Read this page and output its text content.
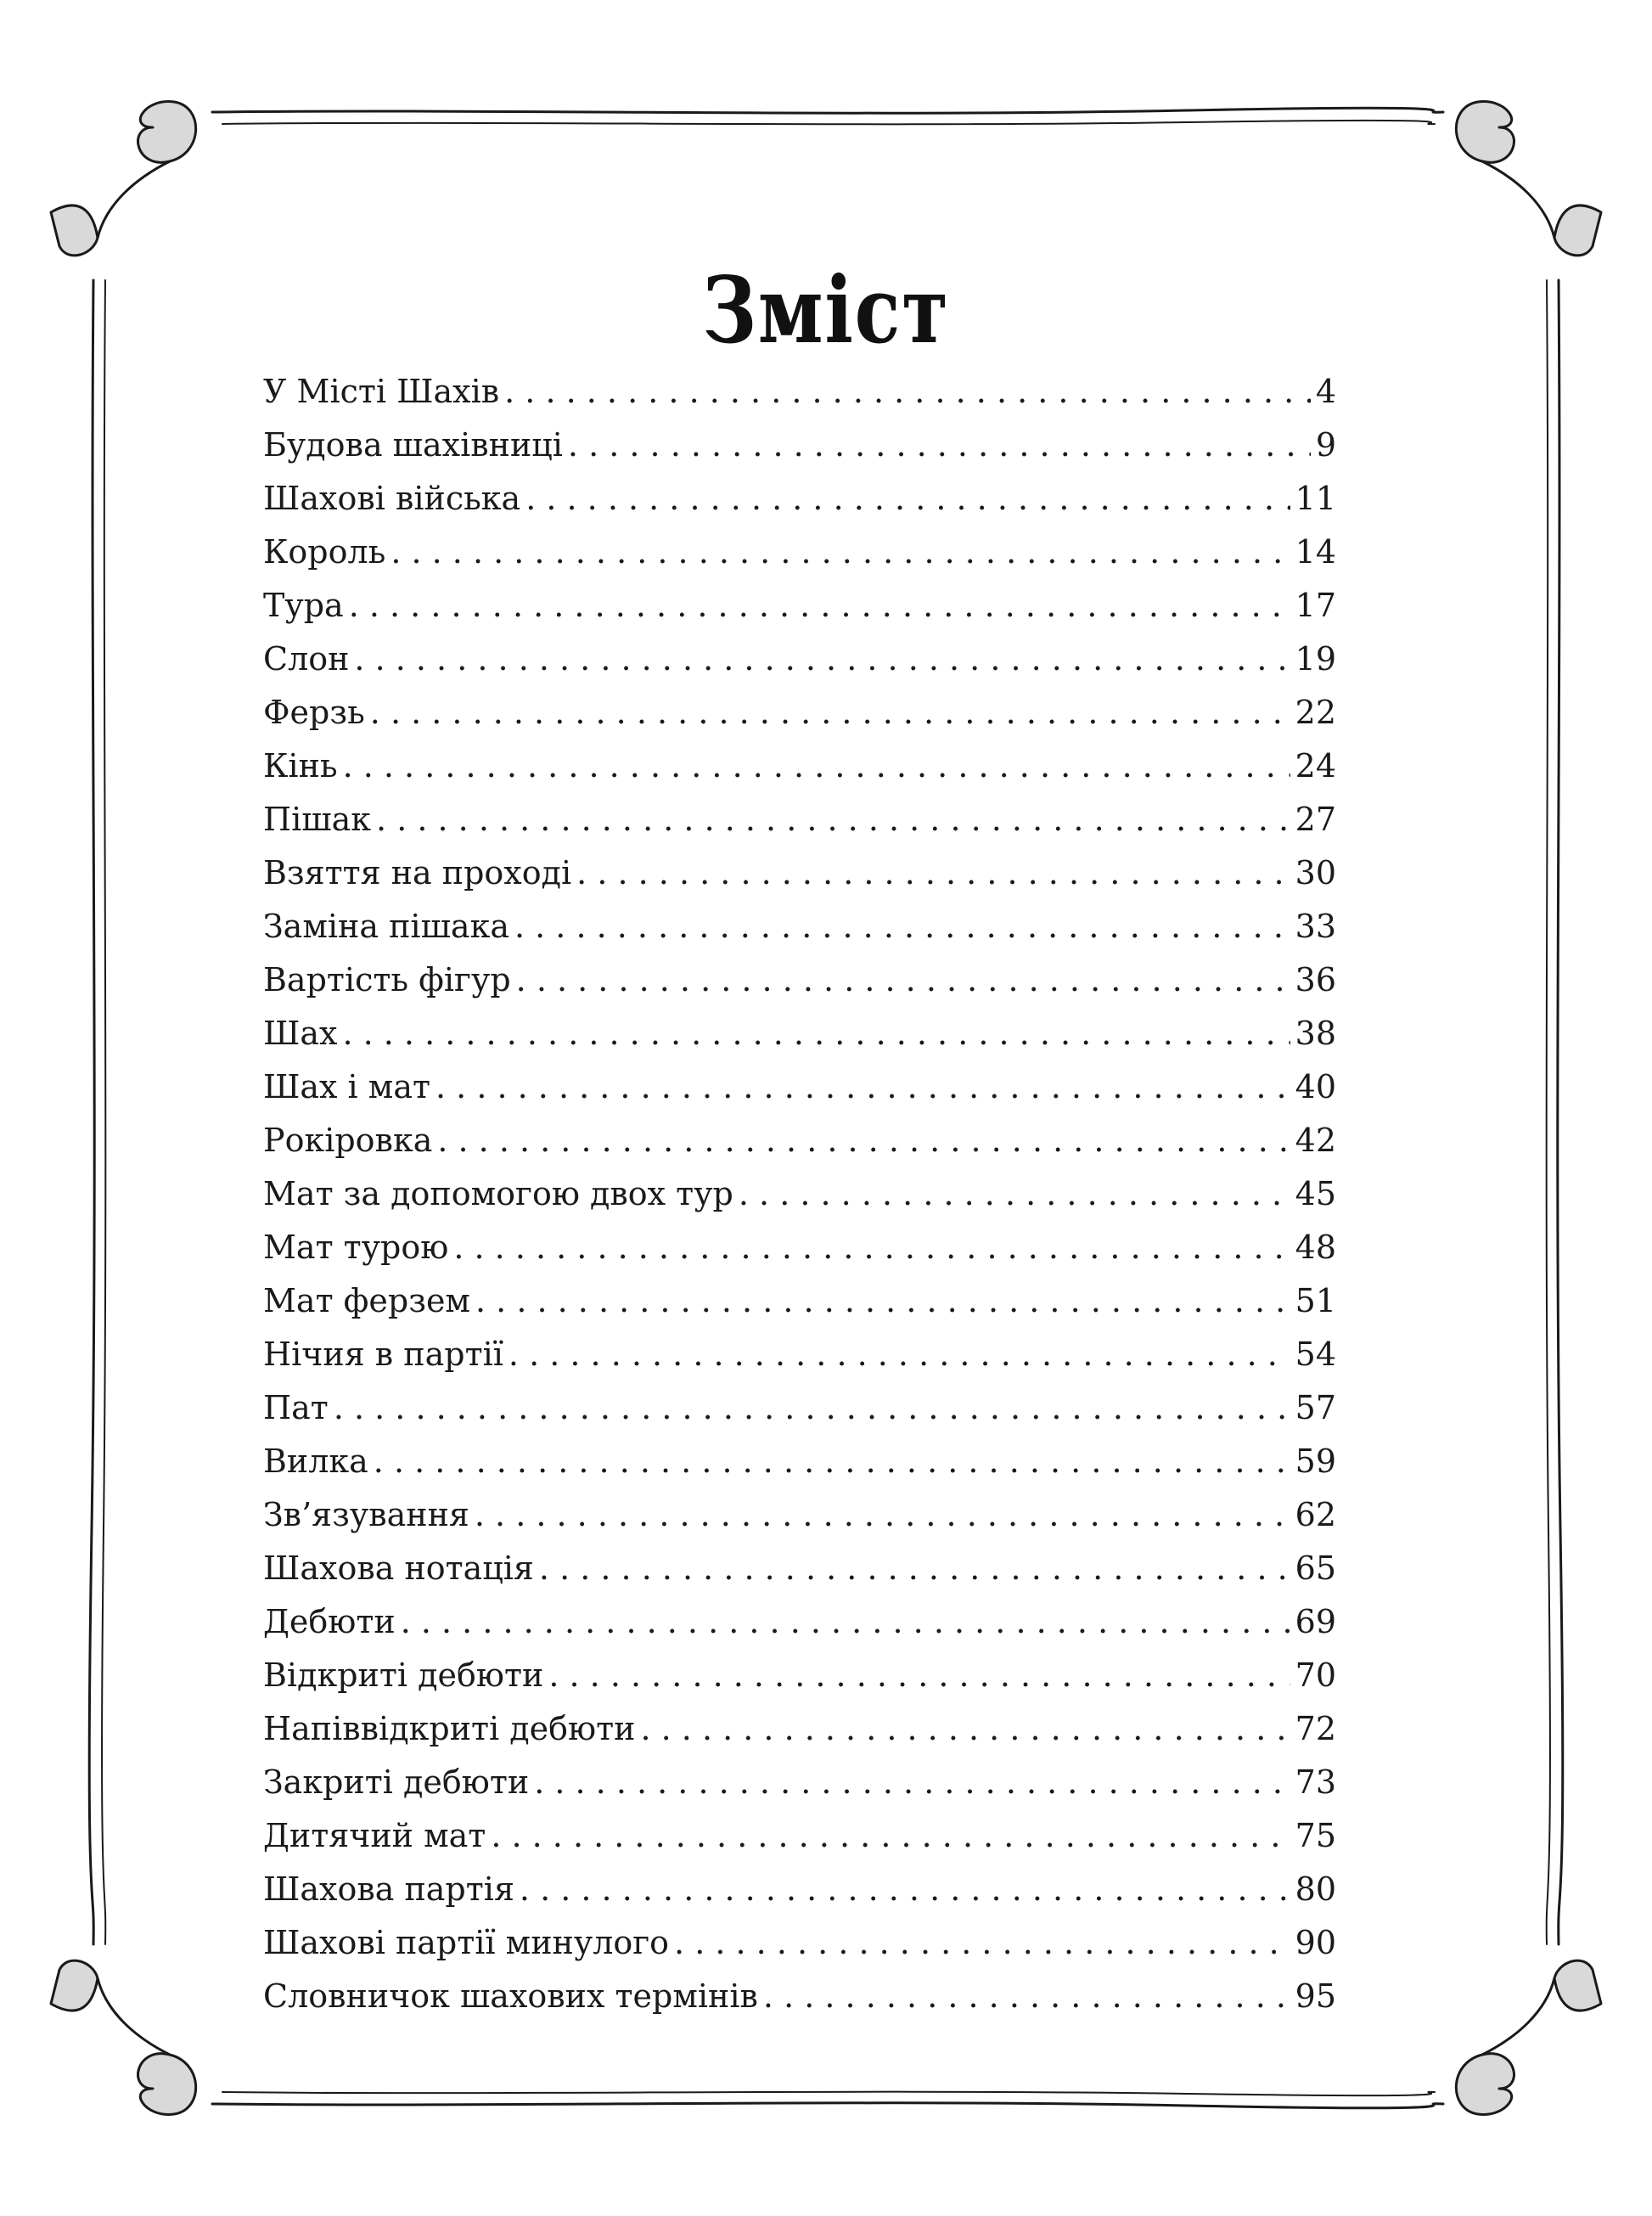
Зміст
У Місті Шахів . . .	4
Будова шахівниці . . .	9
Шахові війська . . .	11
Король . . .	14
Тура . . .	17
Слон . . .	19
Ферзь . . .	22
Кінь . . .	24
Пішак . . .	27
Взяття на проході . . .	30
Заміна пішака . . .	33
Вартість фігур . . .	36
Шах . . .	38
Шах і мат . . .	40
Рокіровка . . .	42
Мат за допомогою двох тур . . .	45
Мат турою . . .	48
Мат ферзем . . .	51
Нічия в партії . . .	54
Пат . . .	57
Вилка . . .	59
Зв’язування . . .	62
Шахова нотація . . .	65
Дебюти . . .	69
Відкриті дебюти . . .	70
Напіввідкриті дебюти . . .	72
Закриті дебюти . . .	73
Дитячий мат . . .	75
Шахова партія . . .	80
Шахові партії минулого . . .	90
Словничок шахових термінів . . .	95
